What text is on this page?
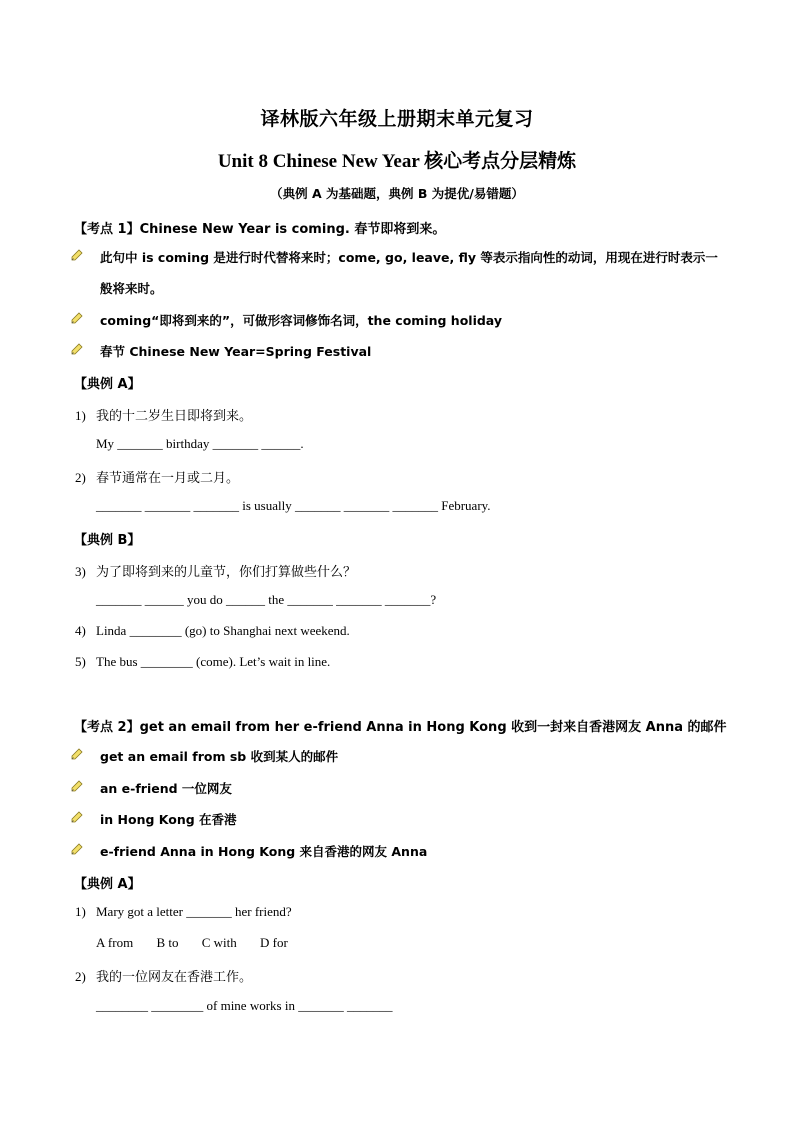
译林版六年级上册期末单元复习
Unit 8 Chinese New Year 核心考点分层精炼
（典例 A 为基础题，典例 B 为提优/易错题）
【考点 1】Chinese New Year is coming. 春节即将到来。
此句中 is coming 是进行时代替将来时；come, go, leave, fly 等表示指向性的动词，用现在进行时表示一
般将来时。
coming“即将到来的”，可做形容词修饰名词，the coming holiday
春节 Chinese New Year=Spring Festival
【典例 A】
1) 我的十二岁生日即将到来。
My _______ birthday _______ ______.
2) 春节通常在一月或二月。
_______ _______ _______ is usually _______ _______ _______ February.
【典例 B】
3) 为了即将到来的儿童节，你们打算做些什么？
_______ ______ you do ______ the _______ _______ _______?
4) Linda ________ (go) to Shanghai next weekend.
5) The bus ________ (come). Let’s wait in line.
【考点 2】get an email from her e-friend Anna in Hong Kong 收到一封来自香港网友 Anna 的邮件
get an email from sb 收到某人的邮件
an e-friend 一位网友
in Hong Kong 在香港
e-friend Anna in Hong Kong 来自香港的网友 Anna
【典例 A】
1) Mary got a letter _______ her friend?
A from B to C with D for
2) 我的一位网友在香港工作。
________ ________ of mine works in _______ _______
